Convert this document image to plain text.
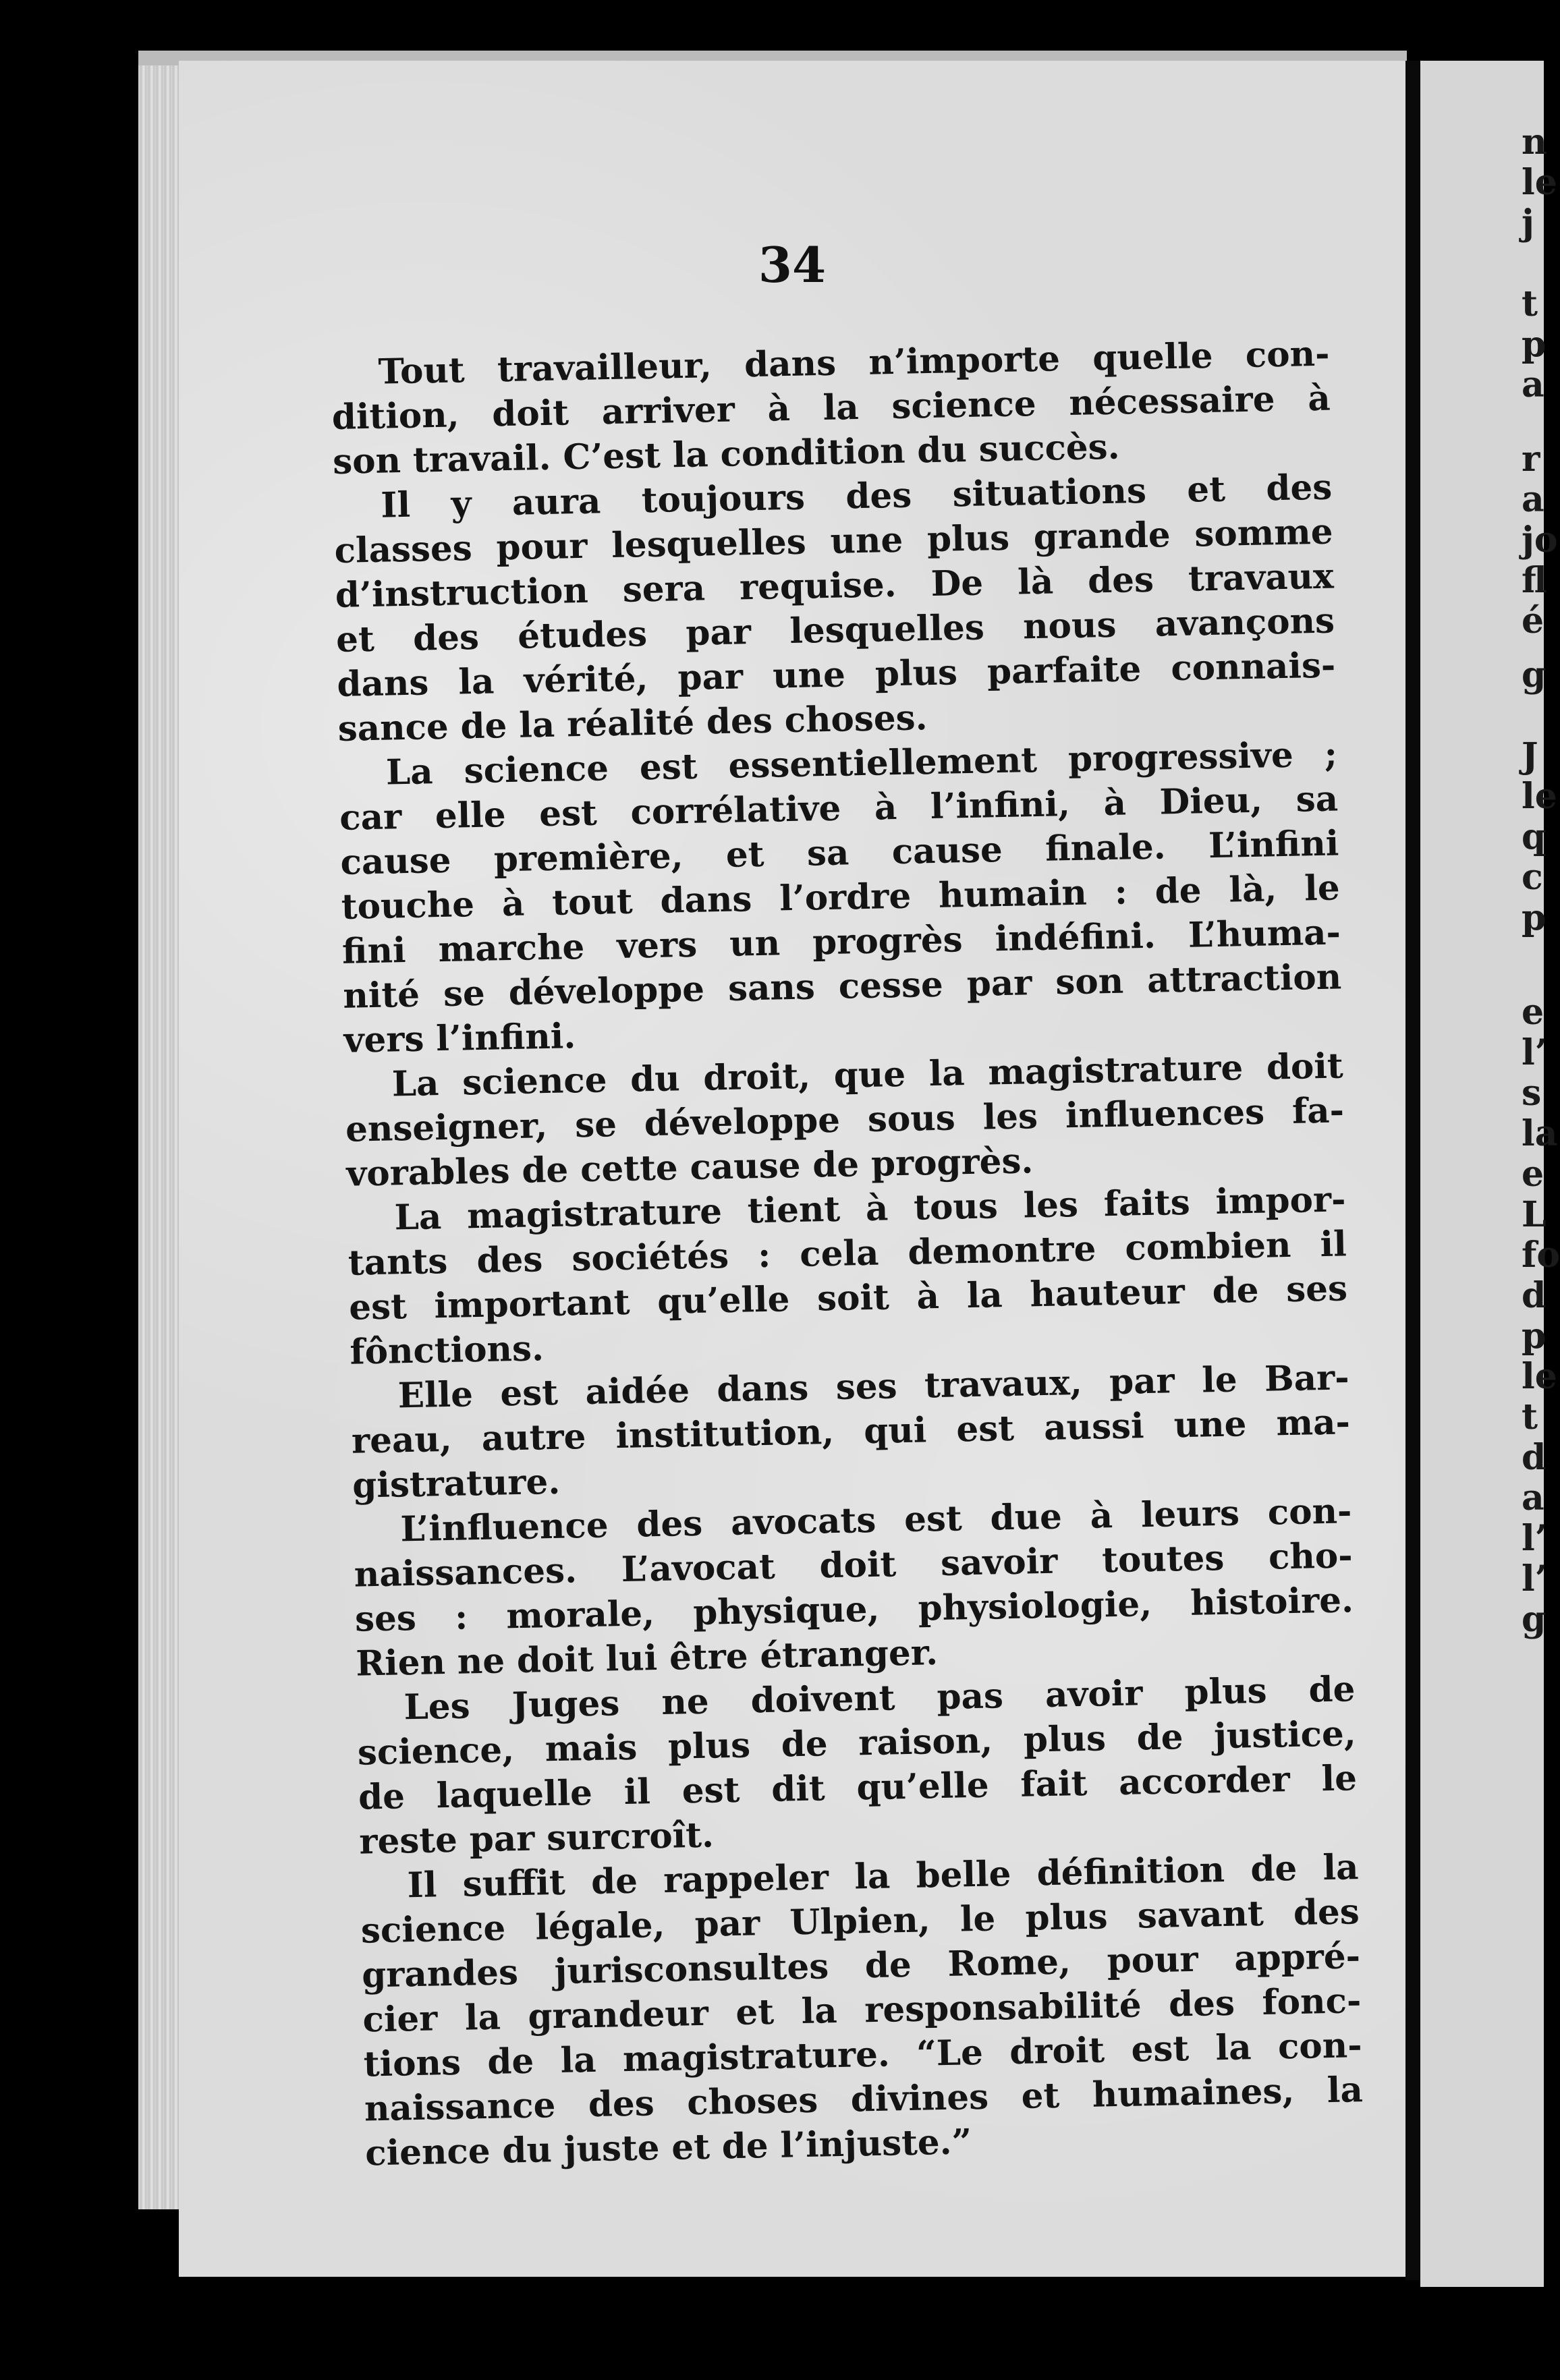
34
Tout travailleur, dans n’importe quelle con-
dition, doit arriver à la science nécessaire à
son travail. C’est la condition du succès.
Il y aura toujours des situations et des
classes pour lesquelles une plus grande somme
d’instruction sera requise. De là des travaux
et des études par lesquelles nous avançons
dans la vérité, par une plus parfaite connais-
sance de la réalité des choses.
La science est essentiellement progressive ;
car elle est corrélative à l’infini, à Dieu, sa
cause première, et sa cause finale. L’infini
touche à tout dans l’ordre humain : de là, le
fini marche vers un progrès indéfini. L’huma-
nité se développe sans cesse par son attraction
vers l’infini.
La science du droit, que la magistrature doit
enseigner, se développe sous les influences fa-
vorables de cette cause de progrès.
La magistrature tient à tous les faits impor-
tants des sociétés : cela demontre combien il
est important qu’elle soit à la hauteur de ses
fônctions.
Elle est aidée dans ses travaux, par le Bar-
reau, autre institution, qui est aussi une ma-
gistrature.
L’influence des avocats est due à leurs con-
naissances. L’avocat doit savoir toutes cho-
ses : morale, physique, physiologie, histoire.
Rien ne doit lui être étranger.
Les Juges ne doivent pas avoir plus de
science, mais plus de raison, plus de justice,
de laquelle il est dit qu’elle fait accorder le
reste par surcroît.
Il suffit de rappeler la belle définition de la
science légale, par Ulpien, le plus savant des
grandes jurisconsultes de Rome, pour appré-
cier la grandeur et la responsabilité des fonc-
tions de la magistrature. “Le droit est la con-
naissance des choses divines et humaines, la
cience du juste et de l’injuste.”
n
le
j
t
p
a
r
a
jo
fl
é
g
J
le
q
c
p
e
l’
s
la
e
L
fo
d
p
le
t
d
a
l’
l’
g
